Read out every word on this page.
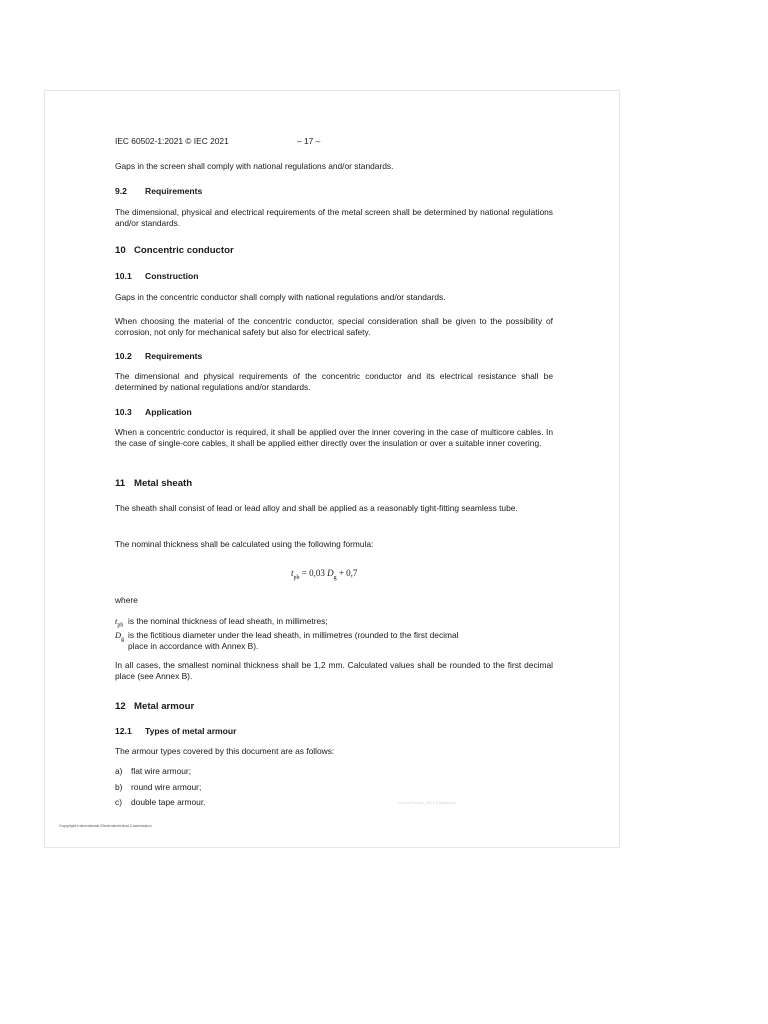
IEC 60502-1:2021 © IEC 2021	– 17 –
Gaps in the screen shall comply with national regulations and/or standards.
9.2 Requirements
The dimensional, physical and electrical requirements of the metal screen shall be determined by national regulations and/or standards.
10 Concentric conductor
10.1 Construction
Gaps in the concentric conductor shall comply with national regulations and/or standards.
When choosing the material of the concentric conductor, special consideration shall be given to the possibility of corrosion, not only for mechanical safety but also for electrical safety.
10.2 Requirements
The dimensional and physical requirements of the concentric conductor and its electrical resistance shall be determined by national regulations and/or standards.
10.3 Application
When a concentric conductor is required, it shall be applied over the inner covering in the case of multicore cables. In the case of single-core cables, it shall be applied either directly over the insulation or over a suitable inner covering.
11 Metal sheath
The sheath shall consist of lead or lead alloy and shall be applied as a reasonably tight-fitting seamless tube.
The nominal thickness shall be calculated using the following formula:
$t_{pb} = 0,03$ $D_g + 0,7$
where
$t_{pb}$ is the nominal thickness of lead sheath, in millimetres;
$D_g$ is the fictitious diameter under the lead sheath, in millimetres (rounded to the first decimal
place in accordance with Annex B).
In all cases, the smallest nominal thickness shall be 1,2 mm. Calculated values shall be rounded to the first decimal place (see Annex B).
12 Metal armour
12.1 Types of metal armour
The armour types covered by this document are as follows:
a) flat wire armour;
b) round wire armour;
c) double tape armour.	Not for Resale, 2021 Distribution
Copyright International Electrotechnical Commission
